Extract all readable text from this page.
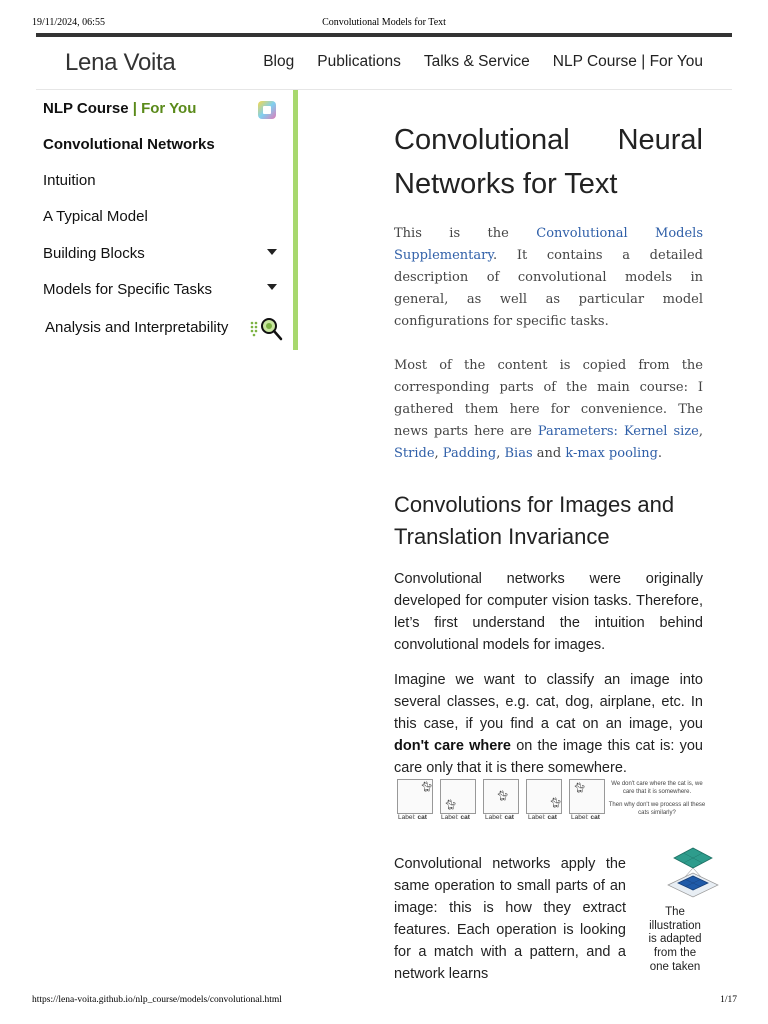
19/11/2024, 06:55	Convolutional Models for Text
Lena Voita	Blog Publications Talks & Service NLP Course | For You
NLP Course | For You
Convolutional Networks
Intuition
A Typical Model
Building Blocks
Models for Specific Tasks
Analysis and Interpretability
Convolutional Neural
Networks for Text

This is the Convolutional Models Supplementary. It contains a detailed description of convolutional models in general, as well as particular model configurations for specific tasks.

Most of the content is copied from the corresponding parts of the main course: I gathered them here for convenience. The news parts here are Parameters: Kernel size, Stride, Padding, Bias and k-max pooling.

Convolutions for Images and Translation Invariance

Convolutional networks were originally developed for computer vision tasks. Therefore, let’s first understand the intuition behind convolutional models for images.

Imagine we want to classify an image into several classes, e.g. cat, dog, airplane, etc. In this case, if you find a cat on an image, you don't care where on the image this cat is: you care only that it is there somewhere.

🐈︎
Label: cat
🐈︎
Label: cat
🐈︎
Label: cat
🐈︎
Label: cat
🐈︎
Label: cat
We don't care where the cat is, we care that it is somewhere.
Then why don't we process all these cats similarly?

Convolutional networks apply the same operation to small parts of an image: this is how they extract features. Each operation is looking for a match with a pattern, and a network learns

The illustration is adapted from the one taken
https://lena-voita.github.io/nlp_course/models/convolutional.html	1/17
